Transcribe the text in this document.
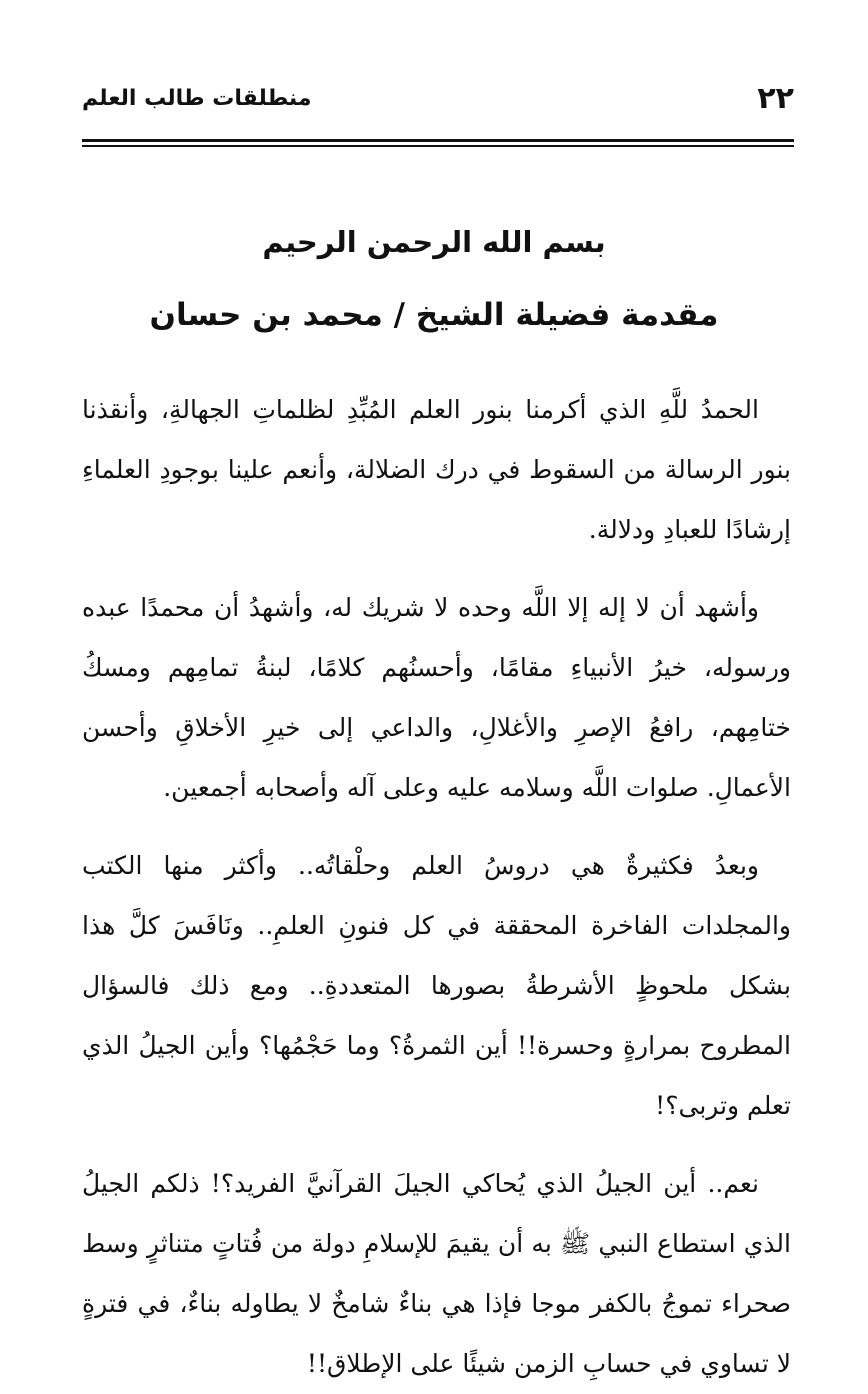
٢٢
منطلقات طالب العلم
بسم الله الرحمن الرحيم
مقدمة فضيلة الشيخ / محمد بن حسان

الحمدُ للَّهِ الذي أكرمنا بنور العلم المُبِّدِ لظلماتِ الجهالةِ، وأنقذنا بنور الرسالة من السقوط في درك الضلالة، وأنعم علينا بوجودِ العلماءِ إرشادًا للعبادِ ودلالة.

وأشهد أن لا إله إلا اللَّه وحده لا شريك له، وأشهدُ أن محمدًا عبده ورسوله، خيرُ الأنبياءِ مقامًا، وأحسنُهم كلامًا، لبنةُ تمامِهم ومسكُ ختامِهم، رافعُ الإصرِ والأغلالِ، والداعي إلى خيرِ الأخلاقِ وأحسن الأعمالِ. صلوات اللَّه وسلامه عليه وعلى آله وأصحابه أجمعين.

وبعدُ فكثيرةٌ هي دروسُ العلم وحلْقاتُه.. وأكثر منها الكتب والمجلدات الفاخرة المحققة في كل فنونِ العلمِ.. ونَافَسَ كلَّ هذا بشكل ملحوظٍ الأشرطةُ بصورها المتعددةِ.. ومع ذلك فالسؤال المطروح بمرارةٍ وحسرة!! أين الثمرةُ؟ وما حَجْمُها؟ وأين الجيلُ الذي تعلم وتربى؟!

نعم.. أين الجيلُ الذي يُحاكي الجيلَ القرآنيَّ الفريد؟! ذلكم الجيلُ الذي استطاع النبي ﷺ به أن يقيمَ للإسلامِ دولة من فُتاتٍ متناثرٍ وسط صحراء تموجُ بالكفر موجا فإذا هي بناءٌ شامخٌ لا يطاوله بناءٌ، في فترةٍ لا تساوي في حسابِ الزمن شيئًا على الإطلاق!!
